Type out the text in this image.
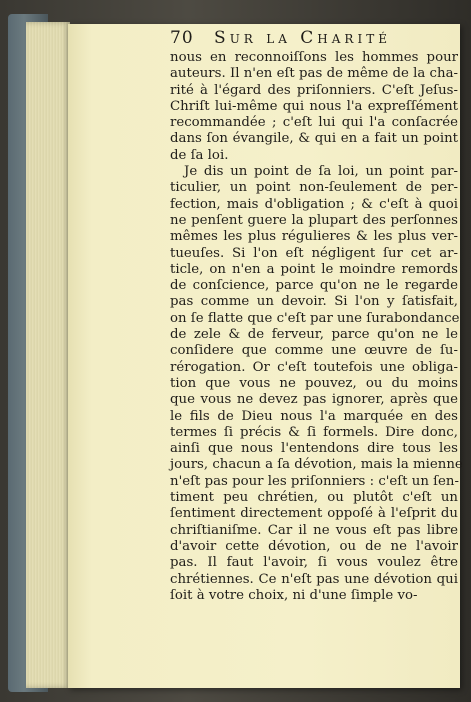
70 Sur la Charité
nous en reconnoiſſons les hommes pour
auteurs. Il n'en eſt pas de même de la cha-
rité à l'égard des priſonniers. C'eſt Jeſus-
Chriſt lui-même qui nous l'a expreſſément
recommandée ; c'eſt lui qui l'a conſacrée
dans ſon évangile, & qui en a fait un point
de ſa loi.
Je dis un point de ſa loi, un point par-
ticulier, un point non-ſeulement de per-
fection, mais d'obligation ; & c'eſt à quoi
ne penſent guere la plupart des perſonnes
mêmes les plus régulieres & les plus ver-
tueuſes. Si l'on eſt négligent ſur cet ar-
ticle, on n'en a point le moindre remords
de conſcience, parce qu'on ne le regarde
pas comme un devoir. Si l'on y ſatisfait,
on ſe flatte que c'eſt par une ſurabondance
de zele & de ferveur, parce qu'on ne le
conſidere que comme une œuvre de ſu-
rérogation. Or c'eſt toutefois une obliga-
tion que vous ne pouvez, ou du moins
que vous ne devez pas ignorer, après que
le fils de Dieu nous l'a marquée en des
termes ſi précis & ſi formels. Dire donc,
ainſi que nous l'entendons dire tous les
jours, chacun a ſa dévotion, mais la mienne
n'eſt pas pour les priſonniers : c'eſt un ſen-
timent peu chrétien, ou plutôt c'eſt un
ſentiment directement oppoſé à l'eſprit du
chriſtianiſme. Car il ne vous eſt pas libre
d'avoir cette dévotion, ou de ne l'avoir
pas. Il faut l'avoir, ſi vous voulez être
chrétiennes. Ce n'eſt pas une dévotion qui
ſoit à votre choix, ni d'une ſimple vo-
